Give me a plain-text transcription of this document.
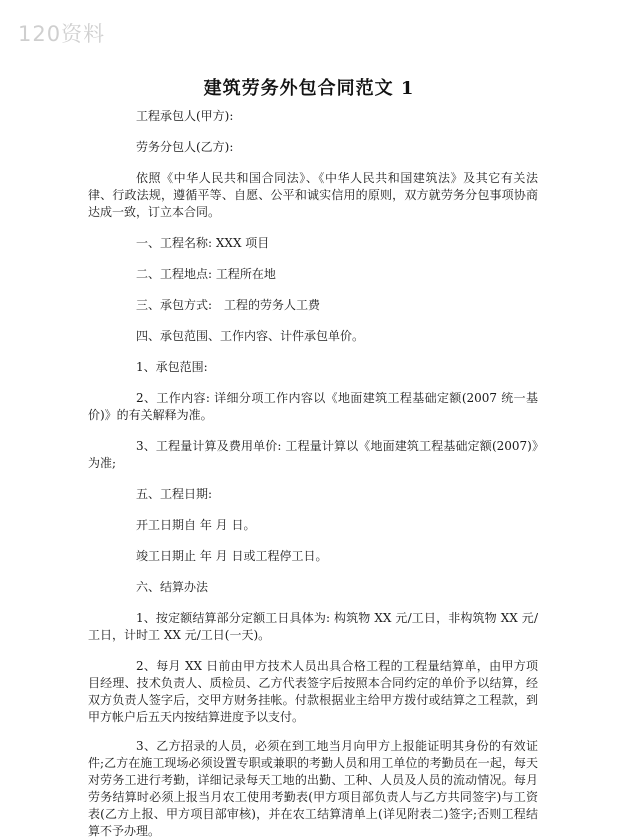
120资料
建筑劳务外包合同范文 1

工程承包人(甲方):

劳务分包人(乙方):

依照《中华人民共和国合同法》、《中华人民共和国建筑法》及其它有关法律、行政法规，遵循平等、自愿、公平和诚实信用的原则，双方就劳务分包事项协商达成一致，订立本合同。

一、工程名称: XXX 项目

二、工程地点: 工程所在地

三、承包方式:　工程的劳务人工费

四、承包范围、工作内容、计件承包单价。

1、承包范围:

2、工作内容: 详细分项工作内容以《地面建筑工程基础定额(2007 统一基价)》的有关解释为准。

3、工程量计算及费用单价: 工程量计算以《地面建筑工程基础定额(2007)》为准;

五、工程日期:

开工日期自 年 月 日。

竣工日期止 年 月 日或工程停工日。

六、结算办法

1、按定额结算部分定额工日具体为: 构筑物 XX 元/工日，非构筑物 XX 元/工日，计时工 XX 元/工日(一天)。

2、每月 XX 日前由甲方技术人员出具合格工程的工程量结算单，由甲方项目经理、技术负责人、质检员、乙方代表签字后按照本合同约定的单价予以结算，经双方负责人签字后，交甲方财务挂帐。付款根据业主给甲方拨付或结算之工程款，到甲方帐户后五天内按结算进度予以支付。

3、乙方招录的人员，必须在到工地当月向甲方上报能证明其身份的有效证件;乙方在施工现场必须设置专职或兼职的考勤人员和用工单位的考勤员在一起，每天对劳务工进行考勤，详细记录每天工地的出勤、工种、人员及人员的流动情况。每月劳务结算时必须上报当月农工使用考勤表(甲方项目部负责人与乙方共同签字)与工资表(乙方上报、甲方项目部审核)，并在农工结算清单上(详见附表二)签字;否则工程结算不予办理。
